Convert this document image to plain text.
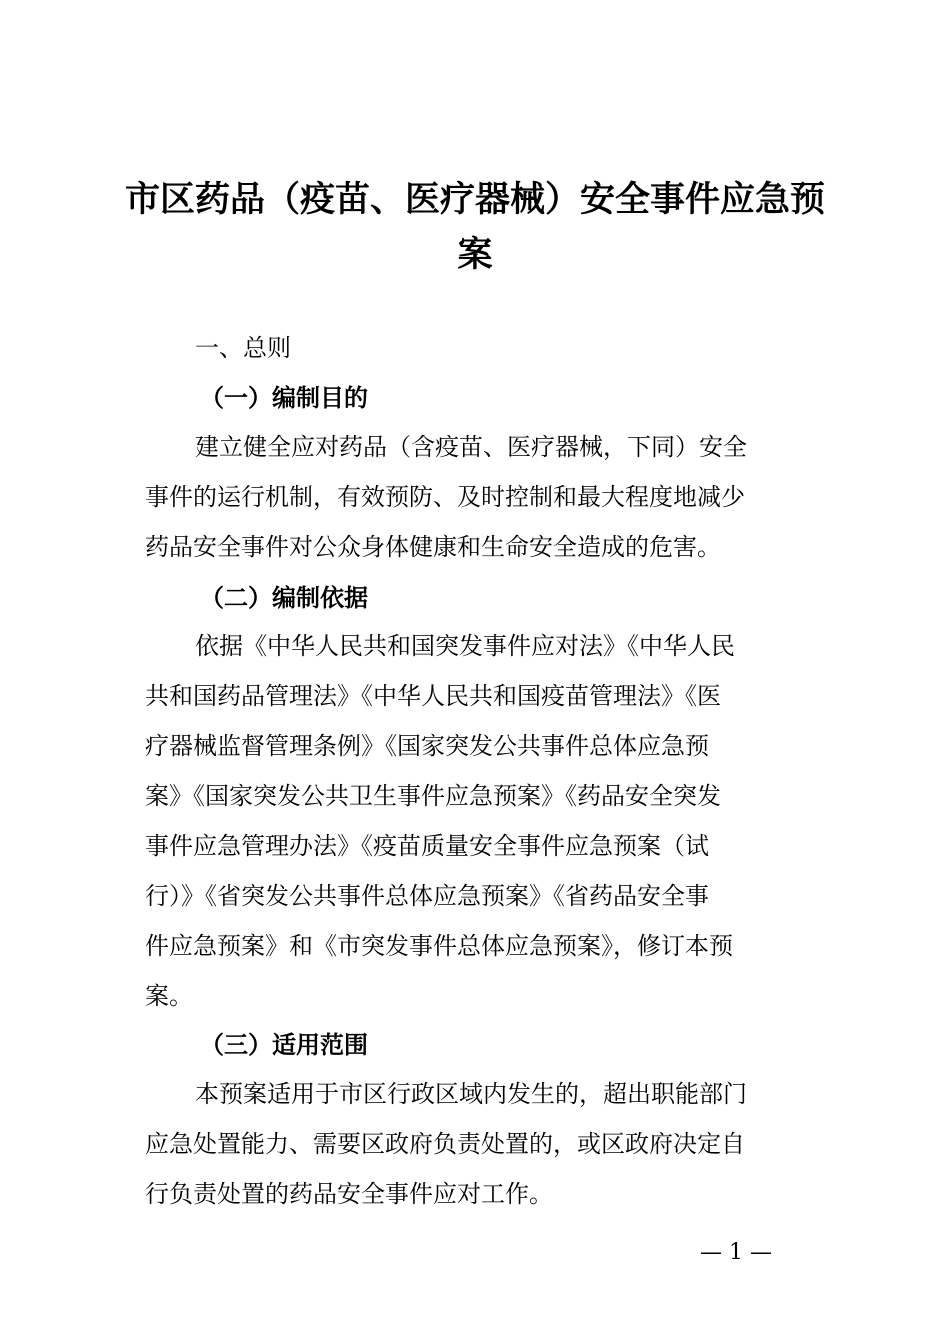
市区药品（疫苗、医疗器械）安全事件应急预
案
一、总则
（一）编制目的

建立健全应对药品（含疫苗、医疗器械，下同）安全
事件的运行机制，有效预防、及时控制和最大程度地减少
药品安全事件对公众身体健康和生命安全造成的危害。

（二）编制依据

依据《中华人民共和国突发事件应对法》《中华人民
共和国药品管理法》《中华人民共和国疫苗管理法》《医
疗器械监督管理条例》《国家突发公共事件总体应急预
案》《国家突发公共卫生事件应急预案》《药品安全突发
事件应急管理办法》《疫苗质量安全事件应急预案（试
行）》《省突发公共事件总体应急预案》《省药品安全事
件应急预案》和《市突发事件总体应急预案》，修订本预
案。

（三）适用范围

本预案适用于市区行政区域内发生的，超出职能部门
应急处置能力、需要区政府负责处置的，或区政府决定自
行负责处置的药品安全事件应对工作。

— 1 —
